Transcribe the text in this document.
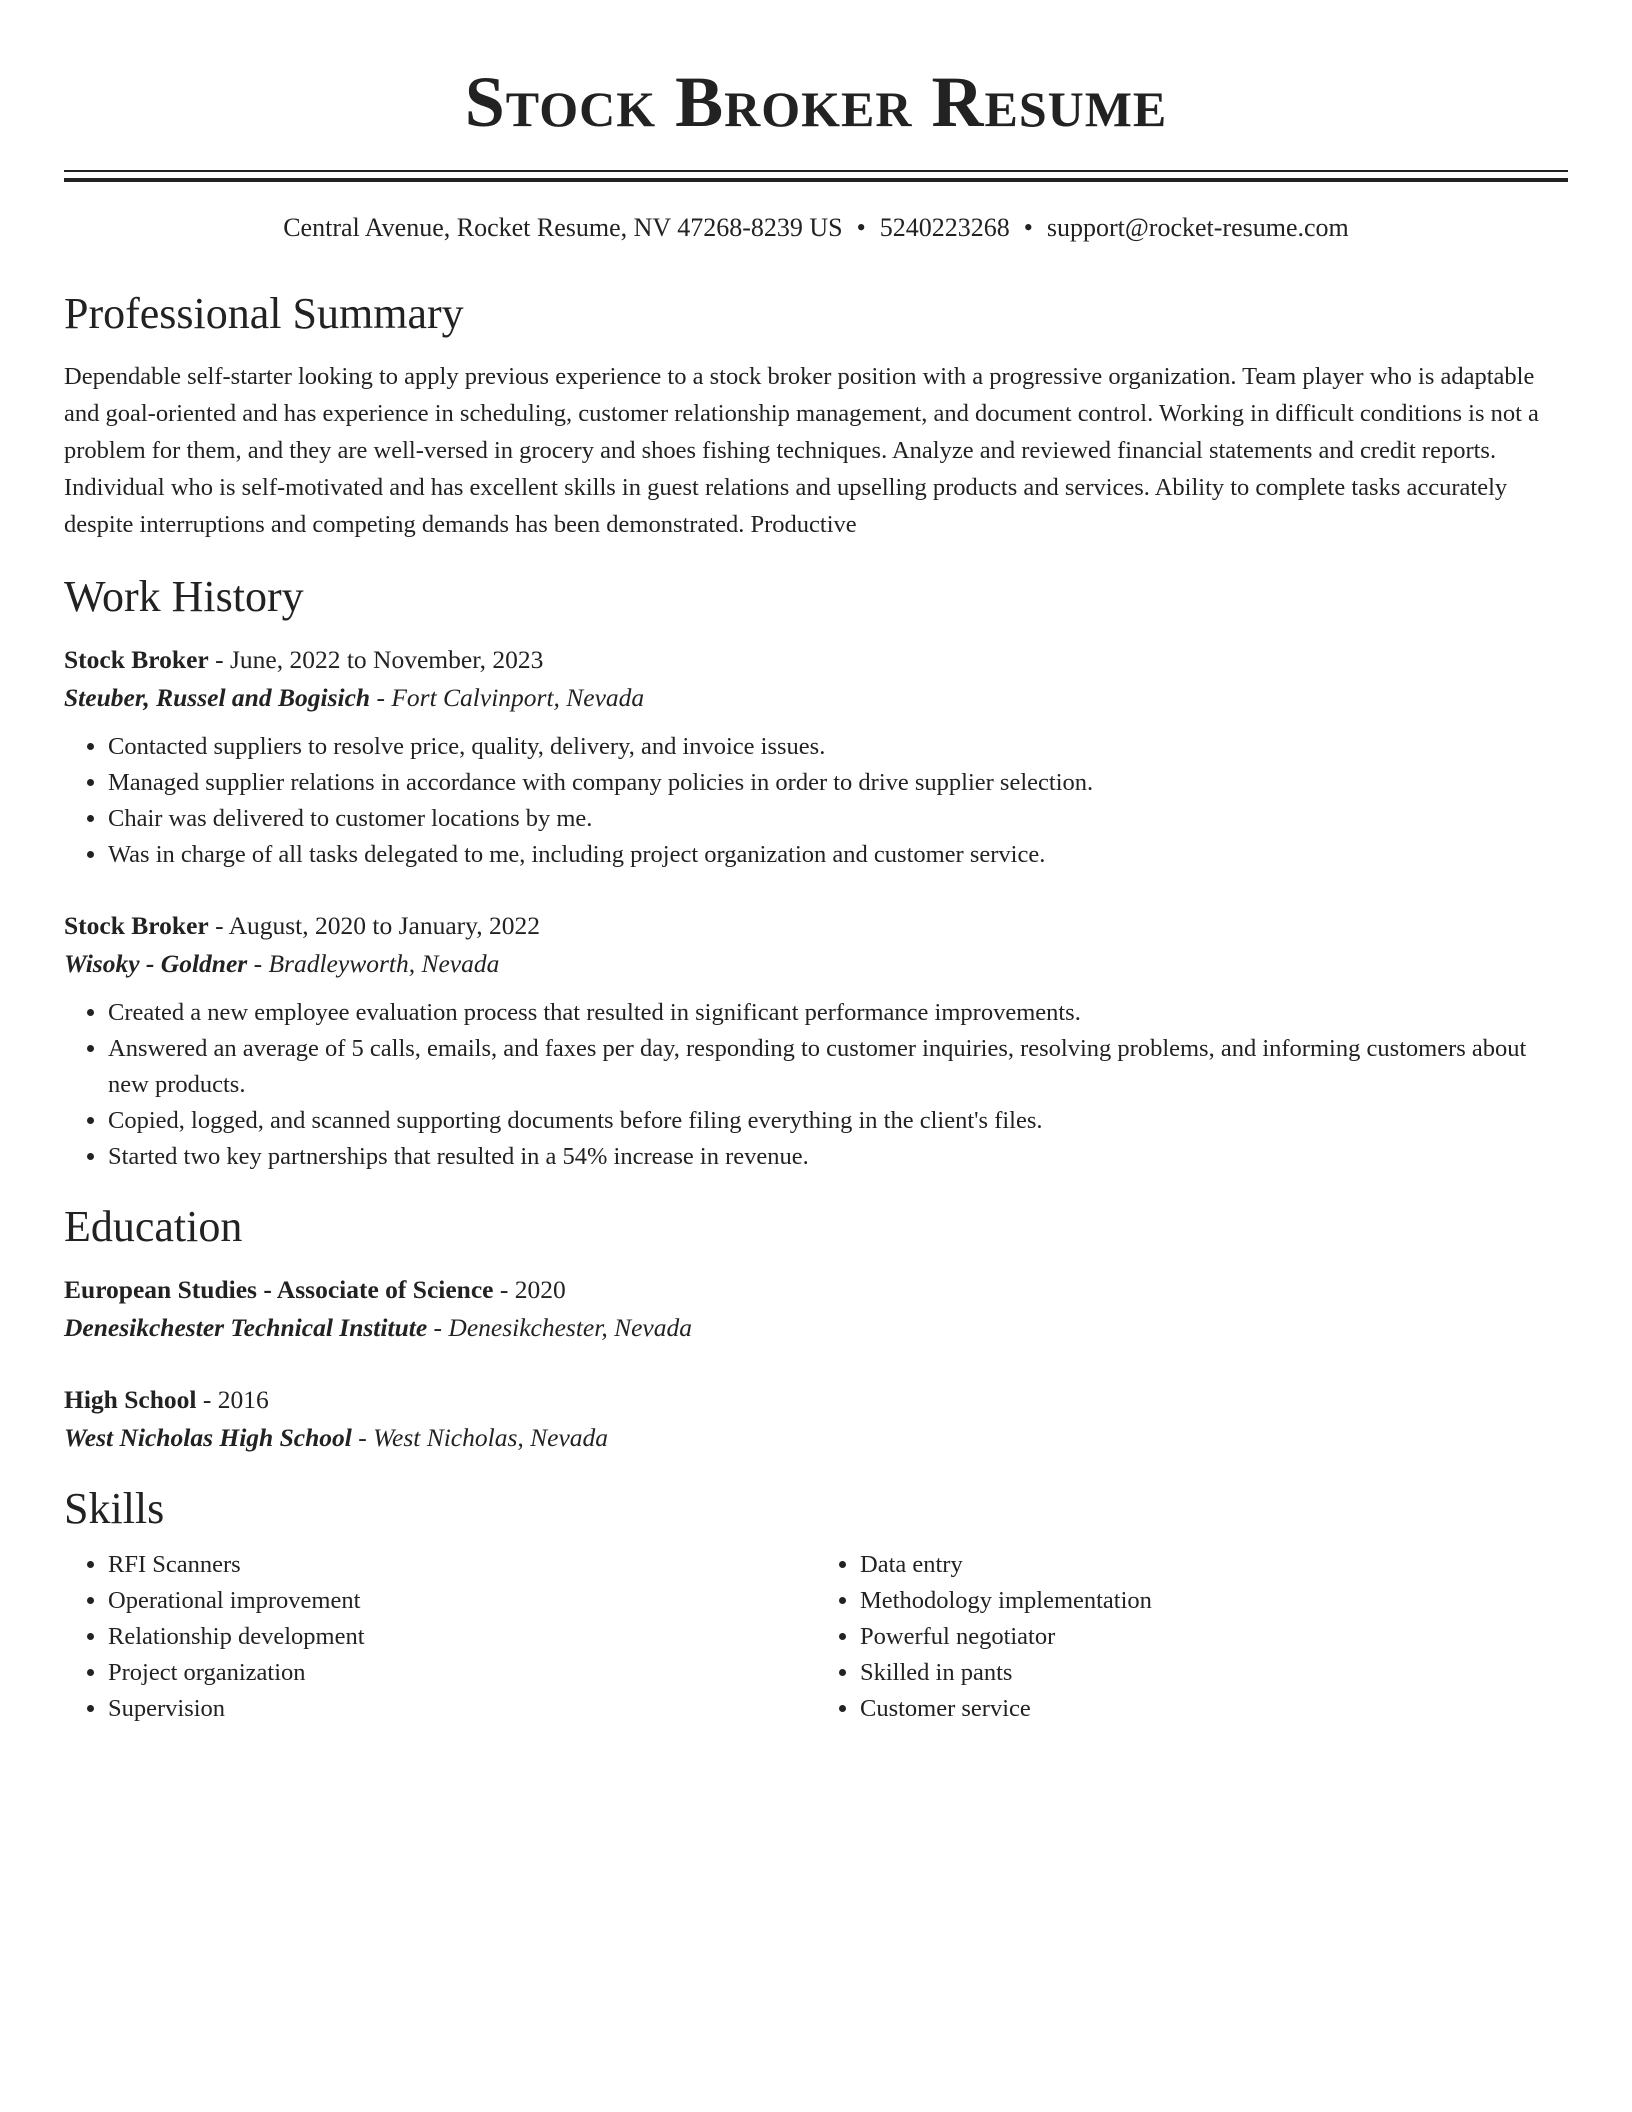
Stock Broker Resume
Central Avenue, Rocket Resume, NV 47268-8239 US • 5240223268 • support@rocket-resume.com
Professional Summary

Dependable self-starter looking to apply previous experience to a stock broker position with a progressive organization. Team player who is adaptable and goal-oriented and has experience in scheduling, customer relationship management, and document control. Working in difficult conditions is not a problem for them, and they are well-versed in grocery and shoes fishing techniques. Analyze and reviewed financial statements and credit reports. Individual who is self-motivated and has excellent skills in guest relations and upselling products and services. Ability to complete tasks accurately despite interruptions and competing demands has been demonstrated. Productive

Work History
Stock Broker - June, 2022 to November, 2023
Steuber, Russel and Bogisich - Fort Calvinport, Nevada
• Contacted suppliers to resolve price, quality, delivery, and invoice issues.
• Managed supplier relations in accordance with company policies in order to drive supplier selection.
• Chair was delivered to customer locations by me.
• Was in charge of all tasks delegated to me, including project organization and customer service.
Stock Broker - August, 2020 to January, 2022
Wisoky - Goldner - Bradleyworth, Nevada
• Created a new employee evaluation process that resulted in significant performance improvements.
• Answered an average of 5 calls, emails, and faxes per day, responding to customer inquiries, resolving problems, and informing customers about new products.
• Copied, logged, and scanned supporting documents before filing everything in the client's files.
• Started two key partnerships that resulted in a 54% increase in revenue.
Education
European Studies - Associate of Science - 2020
Denesikchester Technical Institute - Denesikchester, Nevada
High School - 2016
West Nicholas High School - West Nicholas, Nevada
Skills
• RFI Scanners
• Operational improvement
• Relationship development
• Project organization
• Supervision
• Data entry
• Methodology implementation
• Powerful negotiator
• Skilled in pants
• Customer service
